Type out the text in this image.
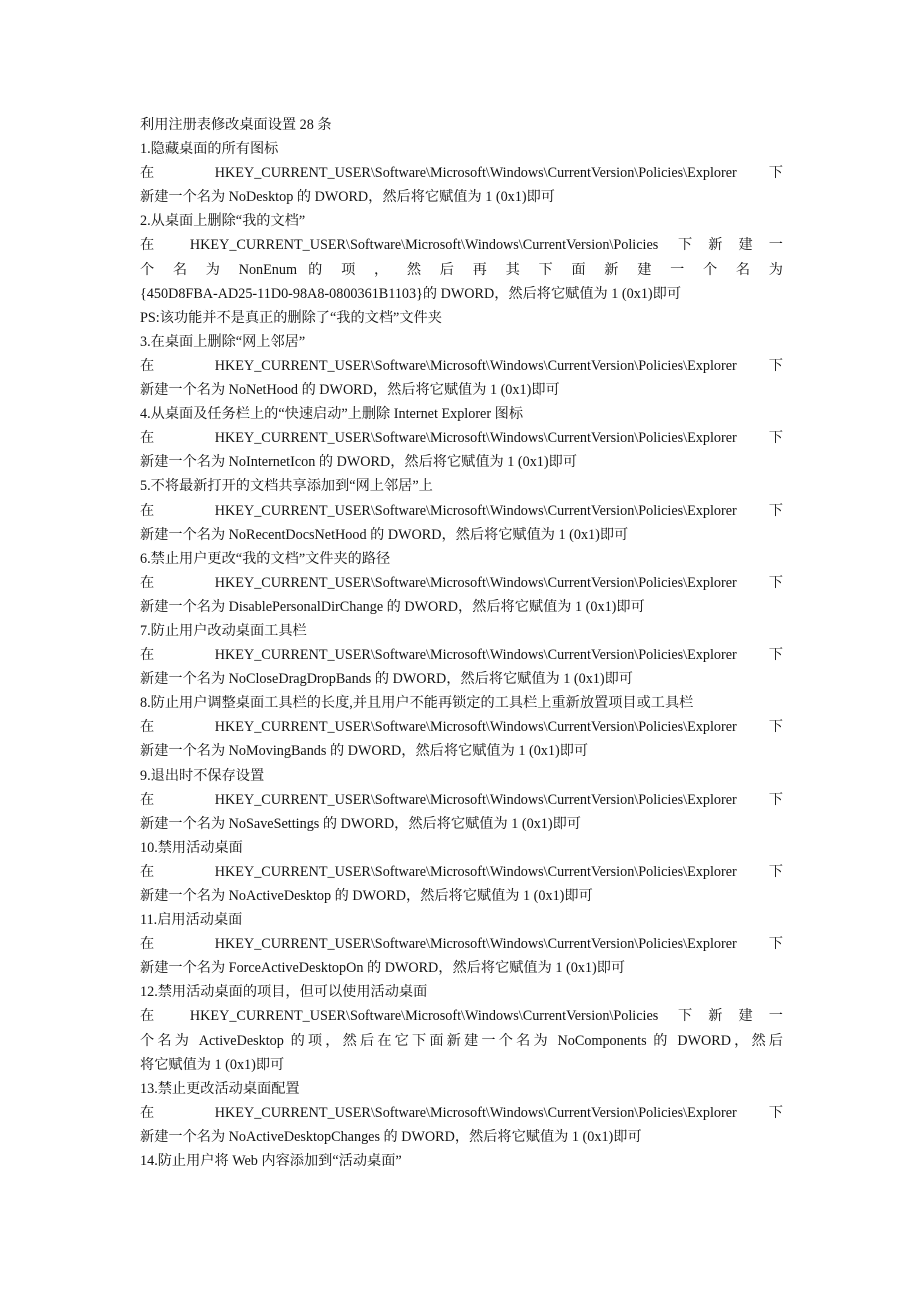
利用注册表修改桌面设置 28 条
1.隐藏桌面的所有图标
在 HKEY_CURRENT_USER\Software\Microsoft\Windows\CurrentVersion\Policies\Explorer 下
新建一个名为 NoDesktop 的 DWORD，然后将它赋值为 1 (0x1)即可
2.从桌面上删除“我的文档”
在 HKEY_CURRENT_USER\Software\Microsoft\Windows\CurrentVersion\Policies 下新建一
个 名 为 NonEnum 的 项 ， 然 后 再 其 下 面 新 建 一 个 名 为
{450D8FBA-AD25-11D0-98A8-0800361B1103}的 DWORD，然后将它赋值为 1 (0x1)即可
PS:该功能并不是真正的删除了“我的文档”文件夹
3.在桌面上删除“网上邻居”
在 HKEY_CURRENT_USER\Software\Microsoft\Windows\CurrentVersion\Policies\Explorer 下
新建一个名为 NoNetHood 的 DWORD，然后将它赋值为 1 (0x1)即可
4.从桌面及任务栏上的“快速启动”上删除 Internet Explorer 图标
在 HKEY_CURRENT_USER\Software\Microsoft\Windows\CurrentVersion\Policies\Explorer 下
新建一个名为 NoInternetIcon 的 DWORD，然后将它赋值为 1 (0x1)即可
5.不将最新打开的文档共享添加到“网上邻居”上
在 HKEY_CURRENT_USER\Software\Microsoft\Windows\CurrentVersion\Policies\Explorer 下
新建一个名为 NoRecentDocsNetHood 的 DWORD，然后将它赋值为 1 (0x1)即可
6.禁止用户更改“我的文档”文件夹的路径
在 HKEY_CURRENT_USER\Software\Microsoft\Windows\CurrentVersion\Policies\Explorer 下
新建一个名为 DisablePersonalDirChange 的 DWORD，然后将它赋值为 1 (0x1)即可
7.防止用户改动桌面工具栏
在 HKEY_CURRENT_USER\Software\Microsoft\Windows\CurrentVersion\Policies\Explorer 下
新建一个名为 NoCloseDragDropBands 的 DWORD，然后将它赋值为 1 (0x1)即可
8.防止用户调整桌面工具栏的长度,并且用户不能再锁定的工具栏上重新放置项目或工具栏
在 HKEY_CURRENT_USER\Software\Microsoft\Windows\CurrentVersion\Policies\Explorer 下
新建一个名为 NoMovingBands 的 DWORD，然后将它赋值为 1 (0x1)即可
9.退出时不保存设置
在 HKEY_CURRENT_USER\Software\Microsoft\Windows\CurrentVersion\Policies\Explorer 下
新建一个名为 NoSaveSettings 的 DWORD，然后将它赋值为 1 (0x1)即可
10.禁用活动桌面
在 HKEY_CURRENT_USER\Software\Microsoft\Windows\CurrentVersion\Policies\Explorer 下
新建一个名为 NoActiveDesktop 的 DWORD，然后将它赋值为 1 (0x1)即可
11.启用活动桌面
在 HKEY_CURRENT_USER\Software\Microsoft\Windows\CurrentVersion\Policies\Explorer 下
新建一个名为 ForceActiveDesktopOn 的 DWORD，然后将它赋值为 1 (0x1)即可
12.禁用活动桌面的项目，但可以使用活动桌面
在 HKEY_CURRENT_USER\Software\Microsoft\Windows\CurrentVersion\Policies 下新建一
个名为 ActiveDesktop 的项，然后在它下面新建一个名为 NoComponents 的 DWORD，然后
将它赋值为 1 (0x1)即可
13.禁止更改活动桌面配置
在 HKEY_CURRENT_USER\Software\Microsoft\Windows\CurrentVersion\Policies\Explorer 下
新建一个名为 NoActiveDesktopChanges 的 DWORD，然后将它赋值为 1 (0x1)即可
14.防止用户将 Web 内容添加到“活动桌面”
